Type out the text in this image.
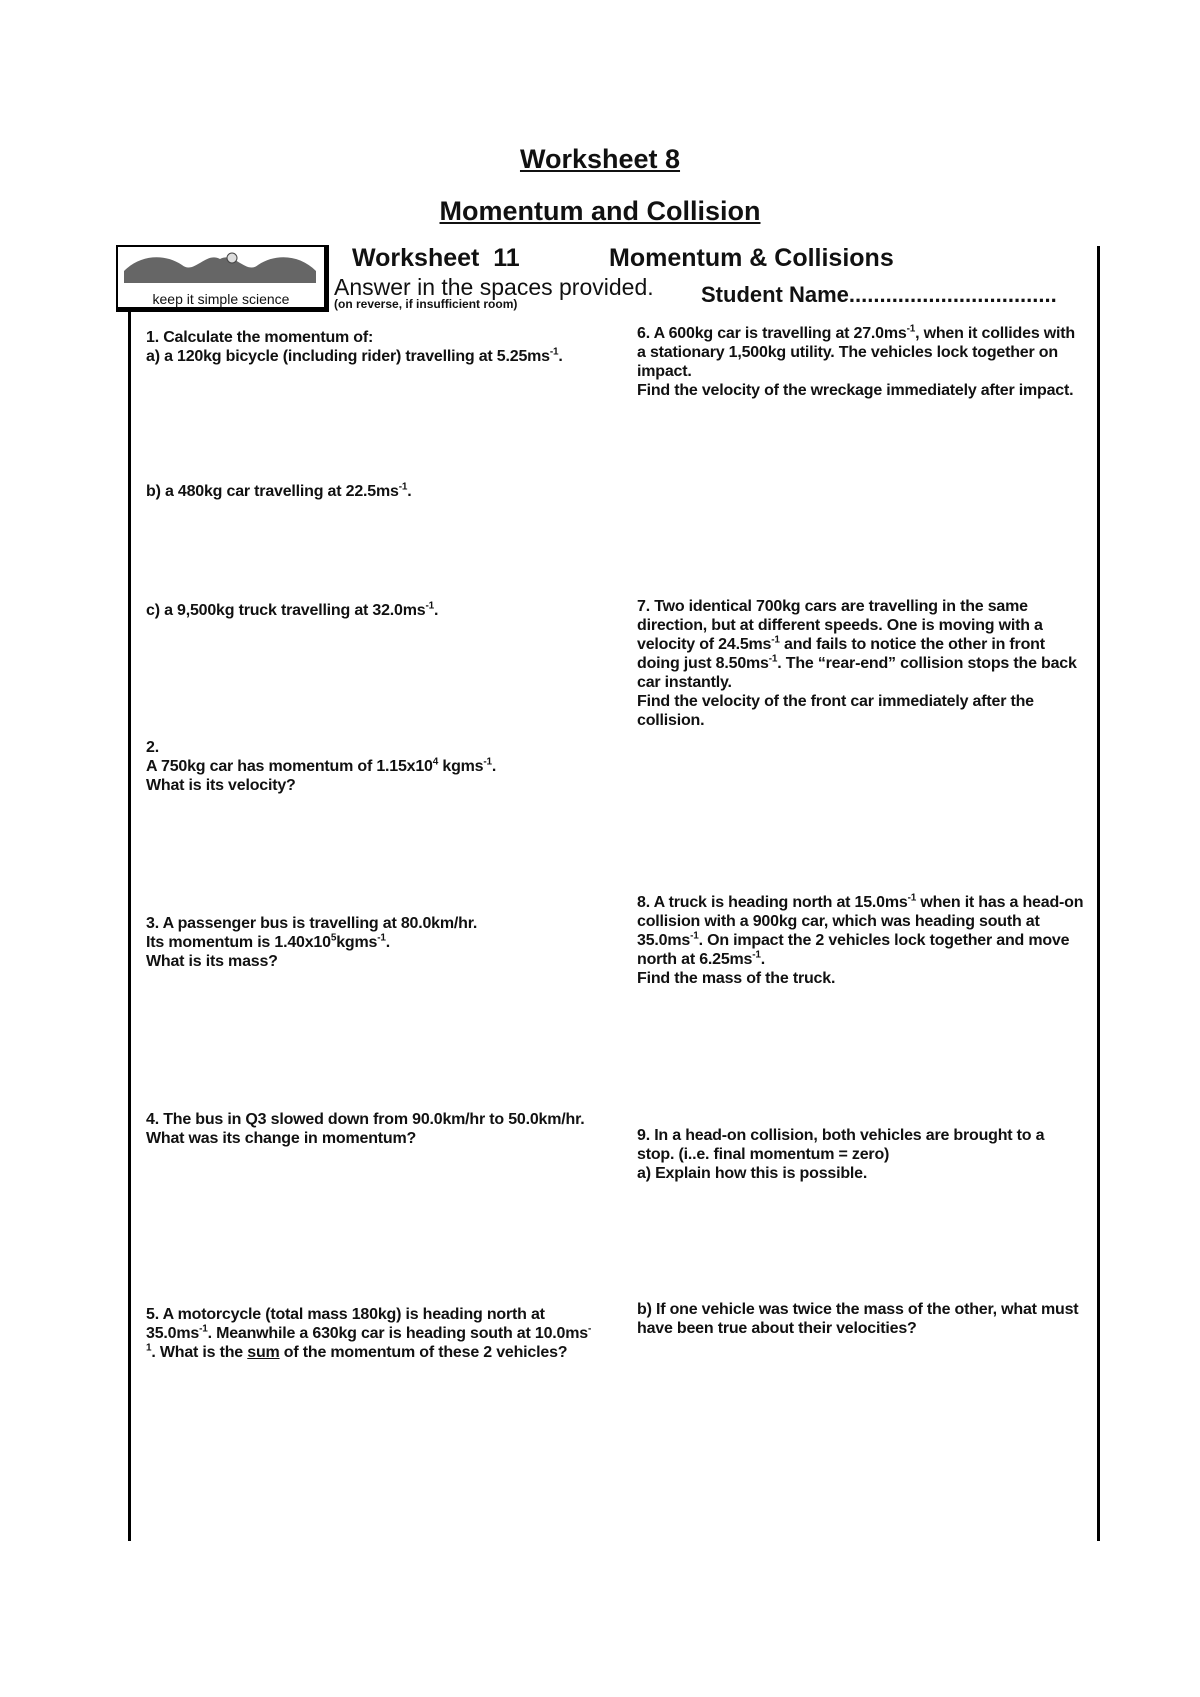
Worksheet 8
Momentum and Collision
keep it simple science
Worksheet  11	Momentum & Collisions
Answer in the spaces provided.
(on reverse, if insufficient room)	Student Name..................................

1. Calculate the momentum of:

a) a 120kg bicycle (including rider) travelling at $5.25ms^{-1}$.

b) a 480kg car travelling at $22.5ms^{-1}$.

c) a 9,500kg truck travelling at $32.0ms^{-1}$.

2.

A 750kg car has momentum of $1.15x10^4$ kgms$^{-1}$.

What is its velocity?

3. A passenger bus is travelling at 80.0km/hr.

Its momentum is $1.40x10^5kgms^{-1}$.

What is its mass?

4. The bus in Q3 slowed down from 90.0km/hr to 50.0km/hr. What was its change in momentum?

5. A motorcycle (total mass 180kg) is heading north at $35.0ms^{-1}$. Meanwhile a 630kg car is heading south at $10.0ms^{-1}$. What is the sum of the momentum of these 2 vehicles?

6. A 600kg car is travelling at $27.0ms^{-1}$, when it collides with a stationary 1,500kg utility. The vehicles lock together on impact.

Find the velocity of the wreckage immediately after impact.

7. Two identical 700kg cars are travelling in the same direction, but at different speeds. One is moving with a velocity of $24.5ms^{-1}$ and fails to notice the other in front doing just $8.50ms^{-1}$. The “rear-end” collision stops the back car instantly.

Find the velocity of the front car immediately after the collision.

8. A truck is heading north at $15.0ms^{-1}$ when it has a head-on collision with a 900kg car, which was heading south at $35.0ms^{-1}$. On impact the 2 vehicles lock together and move north at $6.25ms^{-1}$.

Find the mass of the truck.

9. In a head-on collision, both vehicles are brought to a stop. (i..e. final momentum = zero)

a) Explain how this is possible.

b) If one vehicle was twice the mass of the other, what must have been true about their velocities?
